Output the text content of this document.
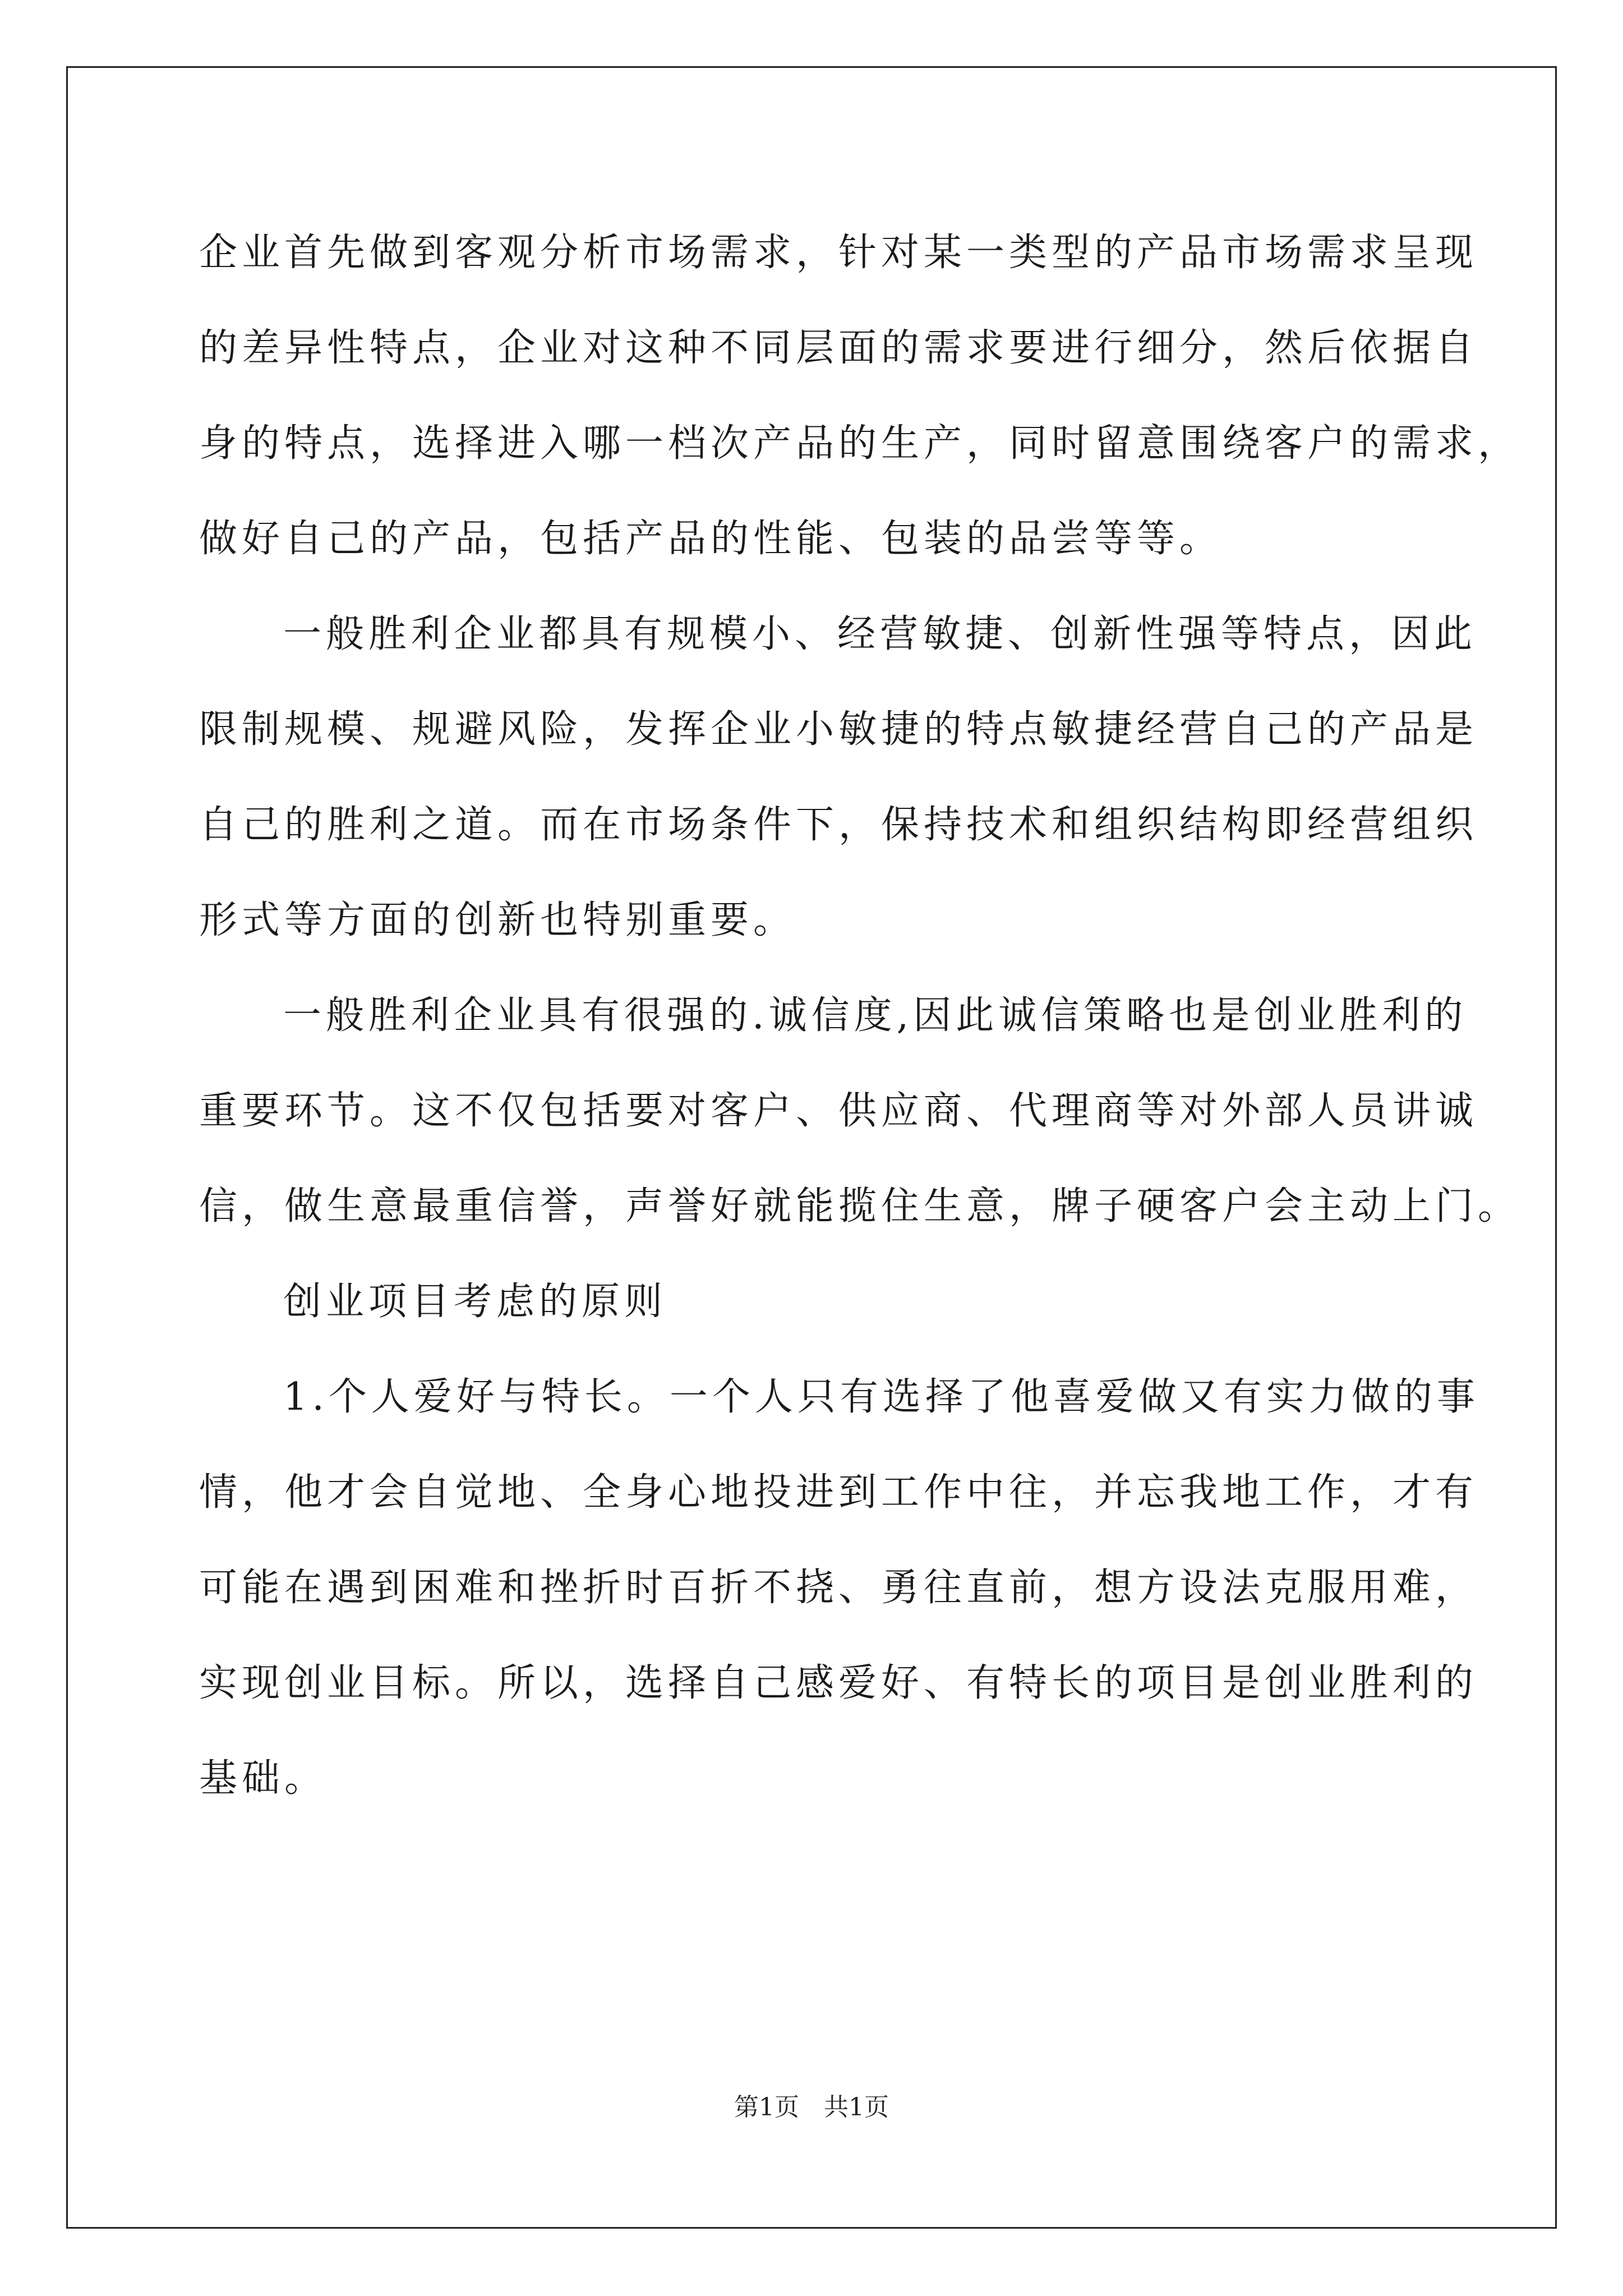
企业首先做到客观分析市场需求，针对某一类型的产品市场需求呈现
的差异性特点，企业对这种不同层面的需求要进行细分，然后依据自
身的特点，选择进入哪一档次产品的生产，同时留意围绕客户的需求，
做好自己的产品，包括产品的性能、包装的品尝等等。
一般胜利企业都具有规模小、经营敏捷、创新性强等特点，因此
限制规模、规避风险，发挥企业小敏捷的特点敏捷经营自己的产品是
自己的胜利之道。而在市场条件下，保持技术和组织结构即经营组织
形式等方面的创新也特别重要。
一般胜利企业具有很强的.诚信度,因此诚信策略也是创业胜利的
重要环节。这不仅包括要对客户、供应商、代理商等对外部人员讲诚
信，做生意最重信誉，声誉好就能揽住生意，牌子硬客户会主动上门。
创业项目考虑的原则
1.个人爱好与特长。一个人只有选择了他喜爱做又有实力做的事
情，他才会自觉地、全身心地投进到工作中往，并忘我地工作，才有
可能在遇到困难和挫折时百折不挠、勇往直前，想方设法克服用难，
实现创业目标。所以，选择自己感爱好、有特长的项目是创业胜利的
基础。
第1页　共1页
